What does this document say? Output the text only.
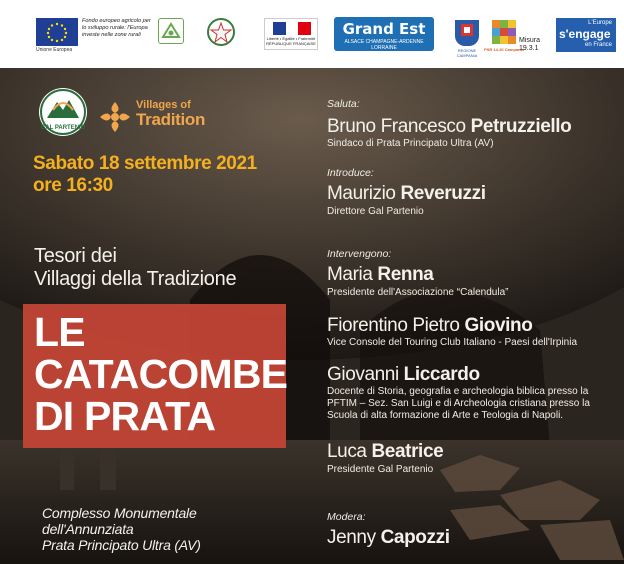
Unione Europea
Fondo europeo agricolo per lo sviluppo rurale: l'Europa investe nelle zone rurali
Liberté • Égalité • Fraternité RÉPUBLIQUE FRANÇAISE
Grand Est
ALSACE CHAMPAGNE-ARDENNE LORRAINE	REGIONE CAMPANIA
PSR 14-20 Campania
Misura
19.3.1
L'Europe
s'engage
en France
GAL PARTENIO
Villages of
Tradition
Sabato 18 settembre 2021
ore 16:30
Tesori dei
Villaggi della Tradizione
LE
CATACOMBE
DI PRATA
Complesso Monumentale
dell'Annunziata
Prata Principato Ultra (AV)
Saluta:
Bruno Francesco Petruzziello
Sindaco di Prata Principato Ultra (AV)
Introduce:
Maurizio Reveruzzi
Direttore Gal Partenio
Intervengono:
Maria Renna
Presidente dell'Associazione “Calendula”
Fiorentino Pietro Giovino
Vice Console del Touring Club Italiano - Paesi dell'Irpinia
Giovanni Liccardo
Docente di Storia, geografia e archeologia biblica presso la
PFTIM – Sez. San Luigi e di Archeologia cristiana presso la
Scuola di alta formazione di Arte e Teologia di Napoli.
Luca Beatrice
Presidente Gal Partenio
Modera:
Jenny Capozzi
